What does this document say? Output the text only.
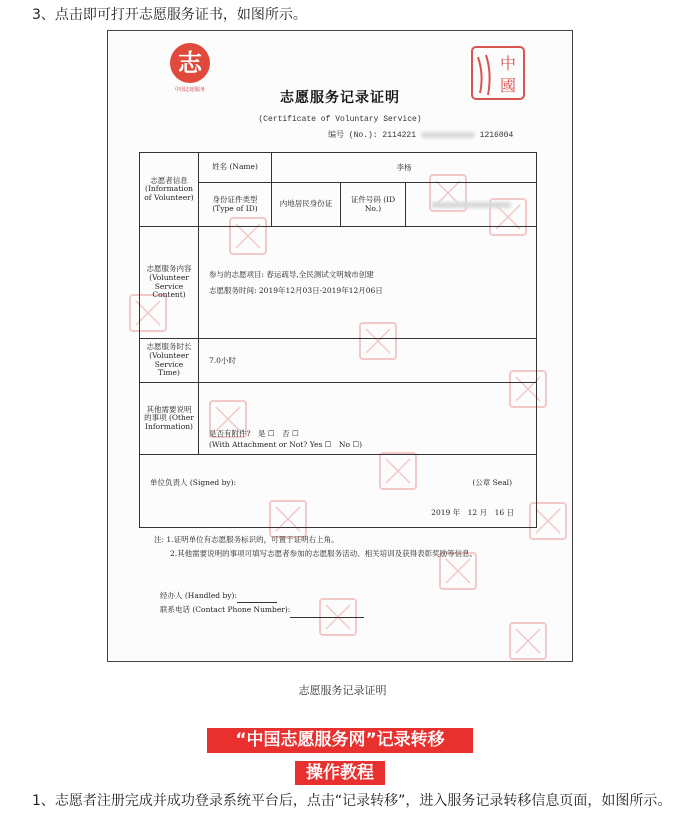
3、点击即可打开志愿服务证书，如图所示。
志
中国志愿服务
中
國
志愿服务记录证明
(Certificate of Voluntary Service)
编号 (No.): 2114221	1216004
志愿者信息 (Information of Volunteer)	姓名 (Name)	李杨		
	身份证件类型 (Type of ID)	内地居民身份证	证件号码 (ID No.)	
志愿服务内容 (Volunteer Service Content)	参与的志愿项目: 春运疏导,全民测试文明城市创建
志愿服务时间: 2019年12月03日-2019年12月06日			

志愿服务时长 (Volunteer Service Time)	7.0小时			
其他需要说明的事项 (Other Information)	是否有附件?　是 ☐　否 ☐
(With Attachment or Not? Yes ☐　No ☐)			

单位负责人 (Signed by): (公章 Seal)
2019 年　12 月　16 日				
注: 1.证明单位有志愿服务标识的，可置于证明右上角。
2.其他需要说明的事项可填写志愿者参加的志愿服务活动、相关培训及获得表彰奖励等信息。
经办人 (Handled by):
联系电话 (Contact Phone Number):
志愿服务记录证明
“中国志愿服务网”记录转移
操作教程
1、志愿者注册完成并成功登录系统平台后，点击“记录转移”，进入服务记录转移信息页面，如图所示。
